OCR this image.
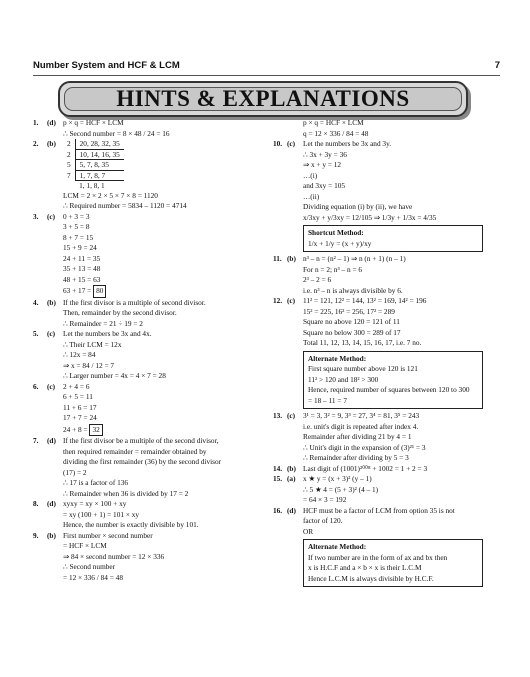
Number System and HCF & LCM	7
HINTS & EXPLANATIONS
1. (d) p × q = HCF × LCM
∴ Second number = 8 × 48 / 24 = 16
2. (b) 2	20, 28, 32, 35
2	10, 14, 16, 35
5	5, 7, 8, 35
7	1, 7, 8, 7
	1, 1, 8, 1
LCM = 2 × 2 × 5 × 7 × 8 = 1120
∴ Required number = 5834 – 1120 = 4714
3. (c) 0 + 3 = 3
3 + 5 = 8
8 + 7 = 15
15 + 9 = 24
24 + 11 = 35
35 + 13 = 48
48 + 15 = 63
63 + 17 = 80
4. (b) If the first divisor is a multiple of second divisor.
Then, remainder by the second divisor.
∴ Remainder = 21 ÷ 19 = 2
5. (c) Let the numbers be 3x and 4x.
∴ Their LCM = 12x
∴ 12x = 84
⇒ x = 84 / 12 = 7
∴ Larger number = 4x = 4 × 7 = 28
6. (c) 2 + 4 = 6
6 + 5 = 11
11 + 6 = 17
17 + 7 = 24
24 + 8 = 32
7. (d) If the first divisor be a multiple of the second divisor,
then required remainder = remainder obtained by
dividing the first remainder (36) by the second divisor
(17) = 2
∴ 17 is a factor of 136
∴ Remainder when 36 is divided by 17 = 2
8. (d) xyxy = xy × 100 + xy
= xy (100 + 1) = 101 × xy
Hence, the number is exactly divisible by 101.
9. (b) First number × second number
= HCF × LCM
⇒ 84 × second number = 12 × 336
∴ Second number
= 12 × 336 / 84 = 48
p × q = HCF × LCM
q = 12 × 336 / 84 = 48
10. (c) Let the numbers be 3x and 3y.
∴ 3x + 3y = 36
⇒ x + y = 12
…(i)
and 3xy = 105
…(ii)
Dividing equation (i) by (ii), we have
x/3xy + y/3xy = 12/105 ⇒ 1/3y + 1/3x = 4/35
Shortcut Method:
1/x + 1/y = (x + y)/xy
11. (b) n³ – n = (n² – 1) ⇒ n (n + 1) (n – 1)
For n = 2; n³ – n = 6
2³ – 2 = 6
i.e. n³ – n is always divisible by 6.
12. (c) 11² = 121, 12² = 144, 13² = 169, 14² = 196
15² = 225, 16² = 256, 17² = 289
Square no above 120 = 121 of 11
Square no below 300 = 289 of 17
Total 11, 12, 13, 14, 15, 16, 17, i.e. 7 no.
Alternate Method:
First square number above 120 is 121
11² > 120 and 18² > 300
Hence, required number of squares between 120 to 300
= 18 – 11 = 7
13. (c) 3¹ = 3, 3² = 9, 3³ = 27, 3⁴ = 81, 3⁵ = 243
i.e. unit's digit is repeated after index 4.
Remainder after dividing 21 by 4 = 1
∴ Unit's digit in the expansion of (3)²¹ = 3
∴ Remainder after dividing by 5 = 3
14. (b) Last digit of (1001)²⁰⁰⁸ + 1002 = 1 + 2 = 3
15. (a) x ★ y = (x + 3)² (y – 1)
∴ 5 ★ 4 = (5 + 3)² (4 – 1)
= 64 × 3 = 192
16. (d) HCF must be a factor of LCM from option 35 is not
factor of 120.
OR
Alternate Method:
If two number are in the form of ax and bx then
x is H.C.F and a × b × x is their L.C.M
Hence L.C.M is always divisible by H.C.F.
